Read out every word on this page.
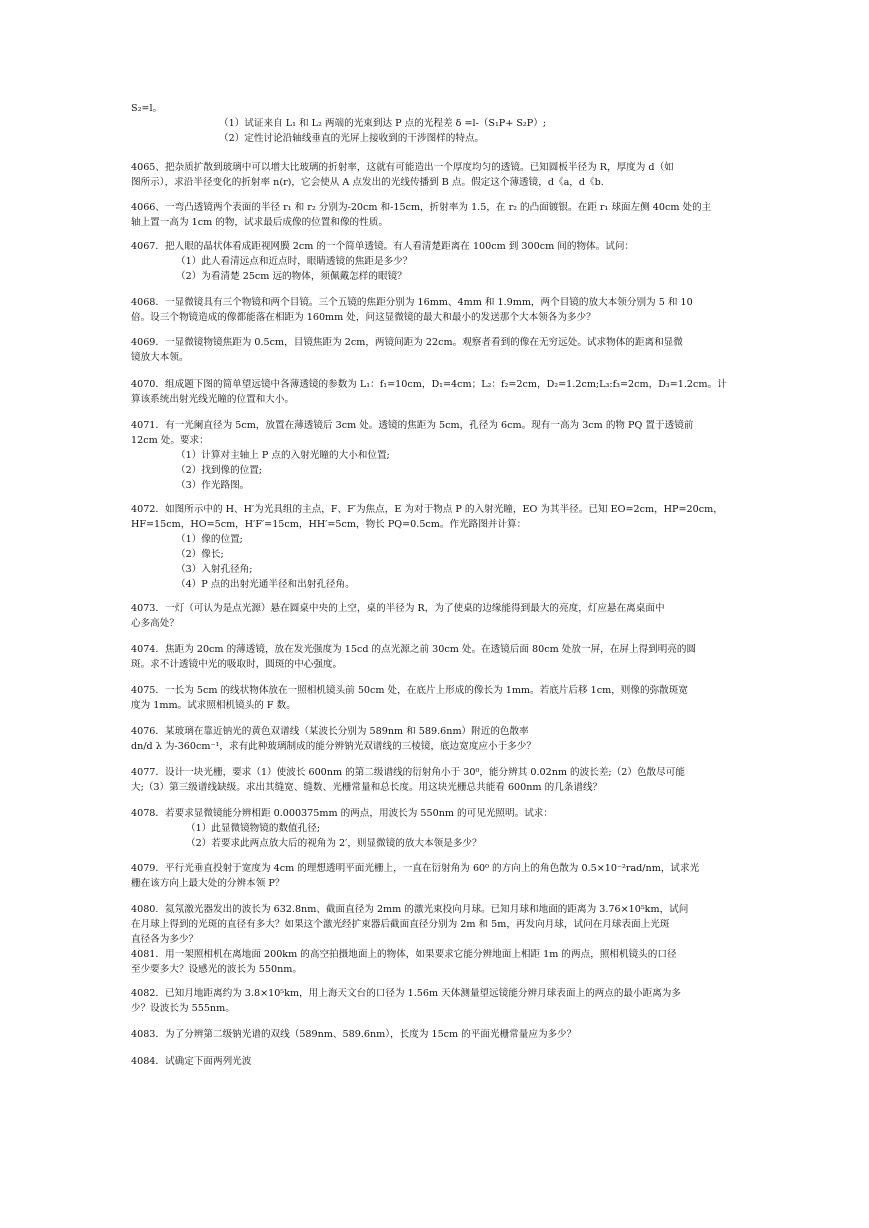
S₂=l。
（1）试证来自 L₁ 和 L₂ 两端的光束到达 P 点的光程差 δ =l-（S₁P+ S₂P）;
（2）定性讨论沿轴线垂直的光屏上接收到的干涉图样的特点。
4065、把杂质扩散到玻璃中可以增大比玻璃的折射率，这就有可能造出一个厚度均匀的透镜。已知圆板半径为 R，厚度为 d（如
图所示），求沿半径变化的折射率 n(r)，它会使从 A 点发出的光线传播到 B 点。假定这个薄透镜，d《a，d《b.
4066、一弯凸透镜两个表面的半径 r₁ 和 r₂ 分别为-20cm 和-15cm，折射率为 1.5，在 r₂ 的凸面镀银。在距 r₁ 球面左侧 40cm 处的主
轴上置一高为 1cm 的物，试求最后成像的位置和像的性质。
4067．把人眼的晶状体看成距视网膜 2cm 的一个简单透镜。有人看清楚距离在 100cm 到 300cm 间的物体。试问：
（1）此人看清远点和近点时，眼睛透镜的焦距是多少？
（2）为看清楚 25cm 远的物体，须佩戴怎样的眼镜？
4068．一显微镜具有三个物镜和两个目镜。三个五镜的焦距分别为 16mm、4mm 和 1.9mm，两个目镜的放大本领分别为 5 和 10
倍。设三个物镜造成的像都能落在相距为 160mm 处，问这显微镜的最大和最小的发送那个大本领各为多少？
4069．一显微镜物镜焦距为 0.5cm，目镜焦距为 2cm，两镜间距为 22cm。观察者看到的像在无穷远处。试求物体的距离和显微
镜放大本领。
4070．组成题下图的简单望远镜中各薄透镜的参数为 L₁：f₁=10cm，D₁=4cm；L₂：f₂=2cm，D₂=1.2cm;L₃:f₃=2cm，D₃=1.2cm。计
算该系统出射光线光瞳的位置和大小。
4071．有一光阑直径为 5cm，放置在薄透镜后 3cm 处。透镜的焦距为 5cm，孔径为 6cm。现有一高为 3cm 的物 PQ 置于透镜前
12cm 处。要求：
（1）计算对主轴上 P 点的入射光瞳的大小和位置;
（2）找到像的位置;
（3）作光路图。
4072．如图所示中的 H、H′为光具组的主点，F、F′为焦点，E 为对于物点 P 的入射光瞳，EO 为其半径。已知 EO=2cm，HP=20cm，
HF=15cm，HO=5cm，H′F′=15cm，HH′=5cm，物长 PQ=0.5cm。作光路图并计算：
（1）像的位置;
（2）像长;
（3）入射孔径角;
（4）P 点的出射光通半径和出射孔径角。
4073．一灯（可认为是点光源）悬在圆桌中央的上空，桌的半径为 R，为了使桌的边缘能得到最大的亮度，灯应悬在离桌面中
心多高处？
4074．焦距为 20cm 的薄透镜，放在发光强度为 15cd 的点光源之前 30cm 处。在透镜后面 80cm 处放一屏，在屏上得到明亮的圆
斑。求不计透镜中光的吸取时，圆斑的中心强度。
4075．一长为 5cm 的线状物体放在一照相机镜头前 50cm 处，在底片上形成的像长为 1mm。若底片后移 1cm，则像的弥散斑宽
度为 1mm。试求照相机镜头的 F 数。
4076．某玻璃在靠近钠光的黄色双谱线（某波长分别为 589nm 和 589.6nm）附近的色散率
dn/d λ 为-360cm⁻¹，求有此种玻璃制成的能分辨钠光双谱线的三棱镜，底边宽度应小于多少？
4077．设计一块光栅，要求（1）使波长 600nm 的第二级谱线的衍射角小于 30⁰，能分辨其 0.02nm 的波长差;（2）色散尽可能
大;（3）第三级谱线缺级。求出其缝宽、缝数、光栅常量和总长度。用这块光栅总共能看 600nm 的几条谱线？
4078．若要求显微镜能分辨相距 0.000375mm 的两点，用波长为 550nm 的可见光照明。试求：
（1）此显微镜物镜的数值孔径;
（2）若要求此两点放大后的视角为 2′，则显微镜的放大本领是多少？
4079．平行光垂直投射于宽度为 4cm 的理想透明平面光栅上，一直在衍射角为 60⁰ 的方向上的角色散为 0.5×10⁻²rad/nm，试求光
栅在该方向上最大处的分辨本领 P？
4080．氦氖激光器发出的波长为 632.8nm、截面直径为 2mm 的激光束投向月球。已知月球和地面的距离为 3.76×10⁵km，试问
在月球上得到的光斑的直径有多大？如果这个激光经扩束器后截面直径分别为 2m 和 5m，再发向月球，试问在月球表面上光斑
直径各为多少？
4081．用一架照相机在离地面 200km 的高空拍摄地面上的物体，如果要求它能分辨地面上相距 1m 的两点，照相机镜头的口径
至少要多大？设感光的波长为 550nm。
4082．已知月地距离约为 3.8×10⁵km，用上海天文台的口径为 1.56m 天体测量望远镜能分辨月球表面上的两点的最小距离为多
少？设波长为 555nm。
4083．为了分辨第二级钠光谱的双线（589nm、589.6nm），长度为 15cm 的平面光栅常量应为多少？
4084．试确定下面两列光波
